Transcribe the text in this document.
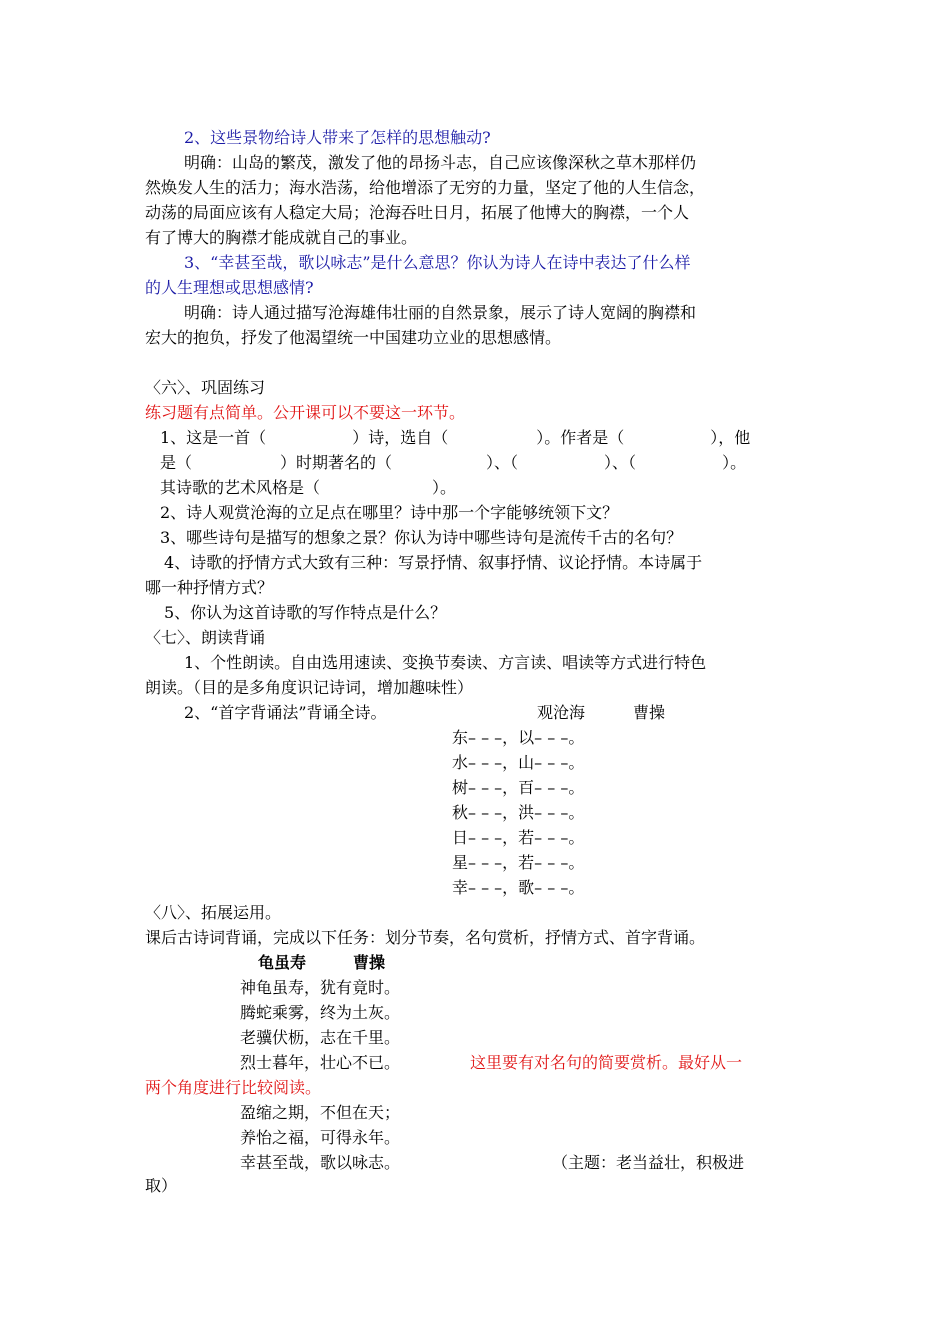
2、这些景物给诗人带来了怎样的思想触动?
明确：山岛的繁茂，激发了他的昂扬斗志，自己应该像深秋之草木那样仍
然焕发人生的活力；海水浩荡，给他增添了无穷的力量，坚定了他的人生信念，
动荡的局面应该有人稳定大局；沧海吞吐日月，拓展了他博大的胸襟，一个人
有了博大的胸襟才能成就自己的事业。
3、“幸甚至哉，歌以咏志”是什么意思？你认为诗人在诗中表达了什么样
的人生理想或思想感情?
明确：诗人通过描写沧海雄伟壮丽的自然景象，展示了诗人宽阔的胸襟和
宏大的抱负，抒发了他渴望统一中国建功立业的思想感情。
〈六〉、巩固练习
练习题有点简单。公开课可以不要这一环节。
1、这是一首（	）诗，选自（	）。作者是（	），他
是（	）时期著名的（	）、（	）、（	）。
其诗歌的艺术风格是（	）。
2、诗人观赏沧海的立足点在哪里？诗中那一个字能够统领下文？
3、哪些诗句是描写的想象之景？你认为诗中哪些诗句是流传千古的名句？
4、诗歌的抒情方式大致有三种：写景抒情、叙事抒情、议论抒情。本诗属于
哪一种抒情方式？
5、你认为这首诗歌的写作特点是什么？
〈七〉、朗读背诵
1、个性朗读。自由选用速读、变换节奏读、方言读、唱读等方式进行特色
朗读。（目的是多角度识记诗词，增加趣味性）
2、“首字背诵法”背诵全诗。	观沧海	曹操
东– – –，以– – –。
水– – –，山– – –。
树– – –，百– – –。
秋– – –，洪– – –。
日– – –，若– – –。
星– – –，若– – –。
幸– – –，歌– – –。
〈八〉、拓展运用。
课后古诗词背诵，完成以下任务：划分节奏，名句赏析，抒情方式、首字背诵。
龟虽寿	曹操
神龟虽寿，犹有竟时。
腾蛇乘雾，终为土灰。
老骥伏枥，志在千里。
烈士暮年，壮心不已。	这里要有对名句的简要赏析。最好从一
两个角度进行比较阅读。
盈缩之期，不但在天；
养怡之福，可得永年。
幸甚至哉，歌以咏志。	（主题：老当益壮，积极进
取）
